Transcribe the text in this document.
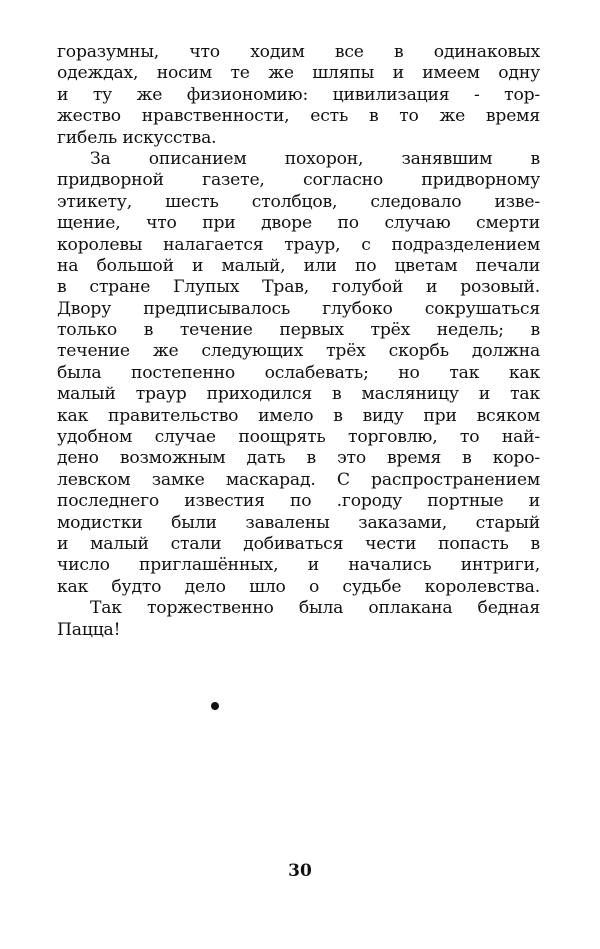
горазумны, что ходим все в одинаковых
одеждах, носим те же шляпы и имеем одну
и ту же физиономию: цивилизация - тор-
жество нравственности, есть в то же время
гибель искусства.
За описанием похорон, занявшим в
придворной газете, согласно придворному
этикету, шесть столбцов, следовало изве-
щение, что при дворе по случаю смерти
королевы налагается траур, с подразделением
на большой и малый, или по цветам печали
в стране Глупых Трав, голубой и розовый.
Двору предписывалось глубоко сокрушаться
только в течение первых трёх недель; в
течение же следующих трёх скорбь должна
была постепенно ослабевать; но так как
малый траур приходился в масляницу и так
как правительство имело в виду при всяком
удобном случае поощрять торговлю, то най-
дено возможным дать в это время в коро-
левском замке маскарад. С распространением
последнего известия по .городу портные и
модистки были завалены заказами, старый
и малый стали добиваться чести попасть в
число приглашённых, и начались интриги,
как будто дело шло о судьбе королевства.
Так торжественно была оплакана бедная
Пацца!
30
